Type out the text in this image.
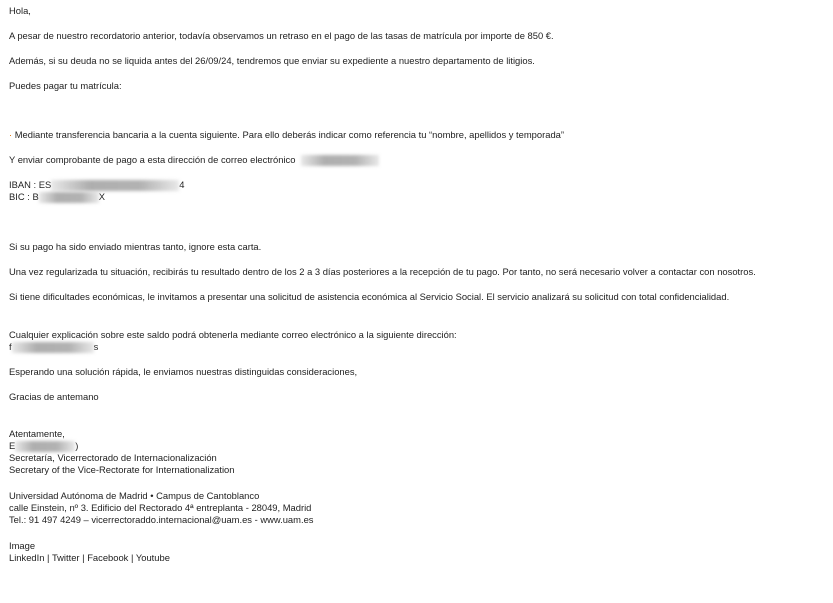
Hola,
A pesar de nuestro recordatorio anterior, todavía observamos un retraso en el pago de las tasas de matrícula por importe de 850 €.
Además, si su deuda no se liquida antes del 26/09/24, tendremos que enviar su expediente a nuestro departamento de litigios.
Puedes pagar tu matrícula:
· Mediante transferencia bancaria a la cuenta siguiente. Para ello deberás indicar como referencia tu “nombre, apellidos y temporada”
Y enviar comprobante de pago a esta dirección de correo electrónico
IBAN : ES	4
BIC : B	X
Si su pago ha sido enviado mientras tanto, ignore esta carta.
Una vez regularizada tu situación, recibirás tu resultado dentro de los 2 a 3 días posteriores a la recepción de tu pago. Por tanto, no será necesario volver a contactar con nosotros.
Si tiene dificultades económicas, le invitamos a presentar una solicitud de asistencia económica al Servicio Social. El servicio analizará su solicitud con total confidencialidad.
Cualquier explicación sobre este saldo podrá obtenerla mediante correo electrónico a la siguiente dirección:
f	s
Esperando una solución rápida, le enviamos nuestras distinguidas consideraciones,
Gracias de antemano
Atentamente,
E	)
Secretaría, Vicerrectorado de Internacionalización
Secretary of the Vice-Rectorate for Internationalization
Universidad Autónoma de Madrid • Campus de Cantoblanco
calle Einstein, nº 3. Edificio del Rectorado 4ª entreplanta - 28049, Madrid
Tel.: 91 497 4249 – vicerrectoraddo.internacional@uam.es - www.uam.es
Image
LinkedIn | Twitter | Facebook | Youtube
